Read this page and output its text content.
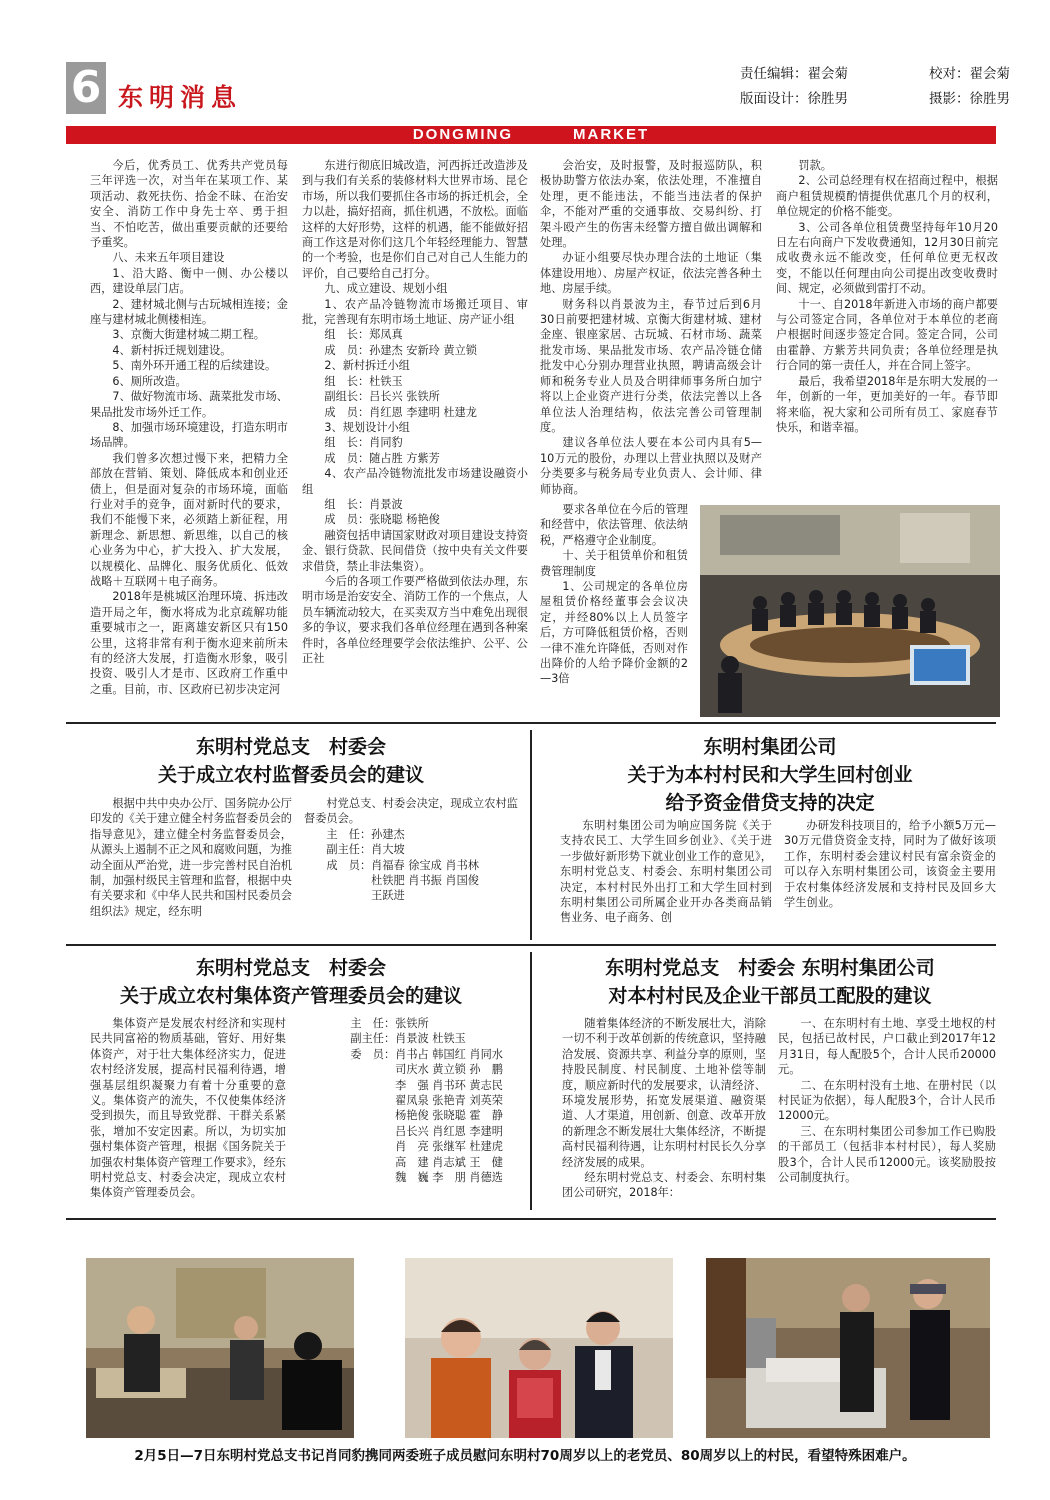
6 东明消息
责任编辑：翟会菊	校对：翟会菊
版面设计：徐胜男	摄影：徐胜男
DONGMING	MARKET

今后，优秀员工、优秀共产党员每三年评选一次，对当年在某项工作、某项活动、救死扶伤、拾金不昧、在治安安全、消防工作中身先士卒、勇于担当、不怕吃苦，做出重要贡献的还要给予重奖。

八、未来五年项目建设

1、沿大路、衡中一侧、办公楼以西，建设单层门店。

2、建材城北侧与古玩城相连接；金座与建材城北侧楼相连。

3、京衡大街建材城二期工程。

4、新村拆迁规划建设。

5、南外环开通工程的后续建设。

6、厕所改造。

7、做好物流市场、蔬菜批发市场、果品批发市场外迁工作。

8、加强市场环境建设，打造东明市场品牌。

我们曾多次想过慢下来，把精力全部放在营销、策划、降低成本和创业还债上，但是面对复杂的市场环境，面临行业对手的竞争，面对新时代的要求，我们不能慢下来，必须踏上新征程，用新理念、新思想、新思维，以自己的核心业务为中心，扩大投入、扩大发展，以规模化、品牌化、服务优质化、低效战略＋互联网＋电子商务。

2018年是桃城区治理环境、拆违改造开局之年，衡水将成为北京疏解功能重要城市之一，距离雄安新区只有150公里，这将非常有利于衡水迎来前所未有的经济大发展，打造衡水形象，吸引投资、吸引人才是市、区政府工作重中之重。目前，市、区政府已初步决定河

东进行彻底旧城改造，河西拆迁改造涉及到与我们有关系的装修材料大世界市场、昆仑市场，所以我们要抓住各市场的拆迁机会，全力以赴，搞好招商，抓住机遇，不放松。面临这样的大好形势，这样的机遇，能不能做好招商工作这是对你们这几个年轻经理能力、智慧的一个考验，也是你们自己对自己人生能力的评价，自己要给自己打分。

九、成立建设、规划小组

1、农产品冷链物流市场搬迁项目、审批，完善现有东明市场土地证、房产证小组

组　长：郑凤真

成　员：孙建杰 安新玲 黄立锁

2、新村拆迁小组

组　长：杜铁玉

副组长：吕长兴 张铁所

成　员：肖红恩 李建明 杜建龙

3、规划设计小组

组　长：肖同豹

成　员：随占胜 方紫芳

4、农产品冷链物流批发市场建设融资小组

组　长：肖景波

成　员：张晓聪 杨艳俊

融资包括申请国家财政对项目建设支持资金、银行贷款、民间借贷（按中央有关文件要求借贷，禁止非法集资）。

今后的各项工作要严格做到依法办理，东明市场是治安安全、消防工作的一个焦点，人员车辆流动较大，在买卖双方当中难免出现很多的争议，要求我们各单位经理在遇到各种案件时，各单位经理要学会依法维护、公平、公正社

会治安，及时报警，及时报巡防队，积极协助警方依法办案，依法处理，不准擅自处理，更不能违法，不能当违法者的保护伞，不能对严重的交通事故、交易纠纷、打架斗殴产生的伤害未经警方擅自做出调解和处理。

办证小组要尽快办理合法的土地证（集体建设用地）、房屋产权证，依法完善各种土地、房屋手续。

财务科以肖景波为主，春节过后到6月30日前要把建材城、京衡大街建材城、建材金座、银座家居、古玩城、石材市场、蔬菜批发市场、果品批发市场、农产品冷链仓储批发中心分别办理营业执照，聘请高级会计师和税务专业人员及合明律师事务所白加宁将以上企业资产进行分类，依法完善以上各单位法人治理结构，依法完善公司管理制度。

建议各单位法人要在本公司内具有5—10万元的股份，办理以上营业执照以及财产分类要多与税务局专业负责人、会计师、律师协商。

要求各单位在今后的管理和经营中，依法管理、依法纳税，严格遵守企业制度。

十、关于租赁单价和租赁费管理制度

1、公司规定的各单位房屋租赁价格经董事会会议决定，并经80%以上人员签字后，方可降低租赁价格，否则一律不准允许降低，否则对作出降价的人给予降价金额的2—3倍

罚款。

2、公司总经理有权在招商过程中，根据商户租赁规模酌情提供优惠几个月的权利，单位规定的价格不能变。

3、公司各单位租赁费坚持每年10月20日左右向商户下发收费通知，12月30日前完成收费永远不能改变，任何单位更无权改变，不能以任何理由向公司提出改变收费时间、规定，必须做到雷打不动。

十一、自2018年新进入市场的商户都要与公司签定合同，各单位对于本单位的老商户根据时间逐步签定合同。签定合同，公司由霍静、方紫芳共同负责；各单位经理是执行合同的第一责任人，并在合同上签字。

最后，我希望2018年是东明大发展的一年，创新的一年，更加美好的一年。春节即将来临，祝大家和公司所有员工、家庭春节快乐，和谐幸福。

东明村党总支　村委会
关于成立农村监督委员会的建议

根据中共中央办公厅、国务院办公厅印发的《关于建立健全村务监督委员会的指导意见》，建立健全村务监督委员会，从源头上遏制不正之风和腐败问题，为推动全面从严治党，进一步完善村民自治机制，加强村级民主管理和监督，根据中央有关要求和《中华人民共和国村民委员会组织法》规定，经东明

村党总支、村委会决定，现成立农村监督委员会。

主　任：孙建杰

副主任：肖大坡

成　员：肖福春 徐宝成 肖书林

　　　　杜铁肥 肖书振 肖国俊

　　　　王跃进

东明村集团公司
关于为本村村民和大学生回村创业
给予资金借贷支持的决定

东明村集团公司为响应国务院《关于支持农民工、大学生回乡创业》、《关于进一步做好新形势下就业创业工作的意见》，东明村党总支、村委会、东明村集团公司决定，本村村民外出打工和大学生回村到东明村集团公司所属企业开办各类商品销售业务、电子商务、创

办研发科技项目的，给予小额5万元—30万元借贷资金支持，同时为了做好该项工作，东明村委会建议村民有富余资金的可以存入东明村集团公司，该资金主要用于农村集体经济发展和支持村民及回乡大学生创业。

东明村党总支　村委会
关于成立农村集体资产管理委员会的建议

集体资产是发展农村经济和实现村民共同富裕的物质基础，管好、用好集体资产，对于壮大集体经济实力，促进农村经济发展，提高村民福利待遇，增强基层组织凝聚力有着十分重要的意义。集体资产的流失，不仅使集体经济受到损失，而且导致党群、干群关系紧张，增加不安定因素。所以，为切实加强村集体资产管理，根据《国务院关于加强农村集体资产管理工作要求》，经东明村党总支、村委会决定，现成立农村集体资产管理委员会。

主　任：张铁所

副主任：肖景波 杜铁玉

委　员：肖书占 韩国红 肖同水

　　　　司庆水 黄立锁 孙　鹏

　　　　李　强 肖书环 黄志民

　　　　翟凤泉 张艳青 刘英荣

　　　　杨艳俊 张晓聪 霍　静

　　　　吕长兴 肖红恩 李建明

　　　　肖　亮 张继军 杜建虎

　　　　高　建 肖志斌 王　健

　　　　魏　巍 李　朋 肖德选

东明村党总支　村委会 东明村集团公司
对本村村民及企业干部员工配股的建议

随着集体经济的不断发展壮大，消除一切不利于改革创新的传统意识，坚持融洽发展、资源共享、利益分享的原则，坚持股民制度、村民制度、土地补偿等制度，顺应新时代的发展要求，认清经济、环境发展形势，拓宽发展渠道、融资渠道、人才渠道，用创新、创意、改革开放的新理念不断发展壮大集体经济，不断提高村民福利待遇，让东明村村民长久分享经济发展的成果。

经东明村党总支、村委会、东明村集团公司研究，2018年：

一、在东明村有土地、享受土地权的村民，包括已故村民，户口截止到2017年12月31日，每人配股5个，合计人民币20000元。

二、在东明村没有土地、在册村民（以村民证为依据），每人配股3个，合计人民币12000元。

三、在东明村集团公司参加工作已购股的干部员工（包括非本村村民），每人奖励股3个，合计人民币12000元。该奖励股按公司制度执行。

2月5日—7日东明村党总支书记肖同豹携同两委班子成员慰问东明村70周岁以上的老党员、80周岁以上的村民，看望特殊困难户。
